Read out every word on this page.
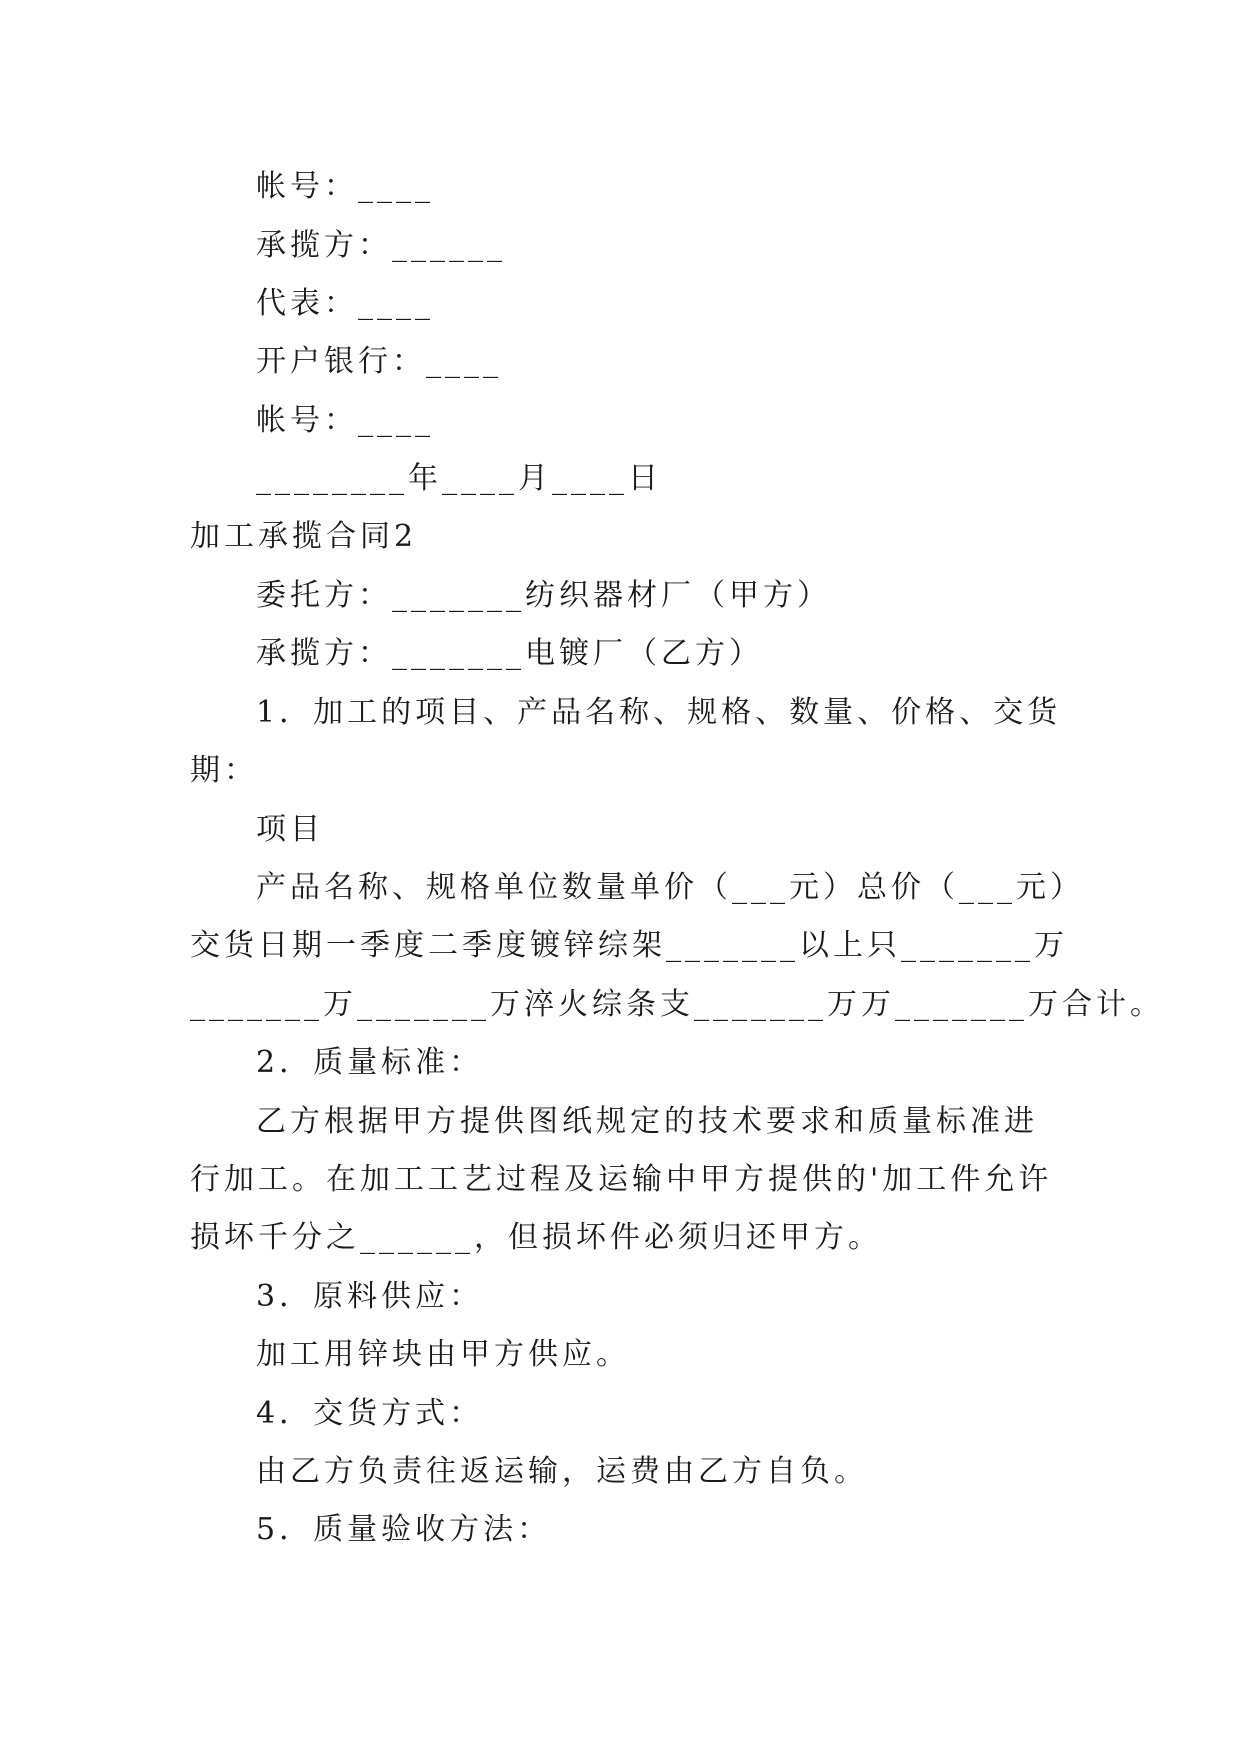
帐号：____
承揽方：______
代表：____
开户银行：____
帐号：____
________年____月____日
加工承揽合同2
委托方：_______纺织器材厂（甲方）
承揽方：_______电镀厂（乙方）
1．加工的项目、产品名称、规格、数量、价格、交货
期：
项目
产品名称、规格单位数量单价（___元）总价（___元）
交货日期一季度二季度镀锌综架_______以上只_______万
_______万_______万淬火综条支_______万万_______万合计。
2．质量标准：
乙方根据甲方提供图纸规定的技术要求和质量标准进
行加工。在加工工艺过程及运输中甲方提供的'加工件允许
损坏千分之______，但损坏件必须归还甲方。
3．原料供应：
加工用锌块由甲方供应。
4．交货方式：
由乙方负责往返运输，运费由乙方自负。
5．质量验收方法：
